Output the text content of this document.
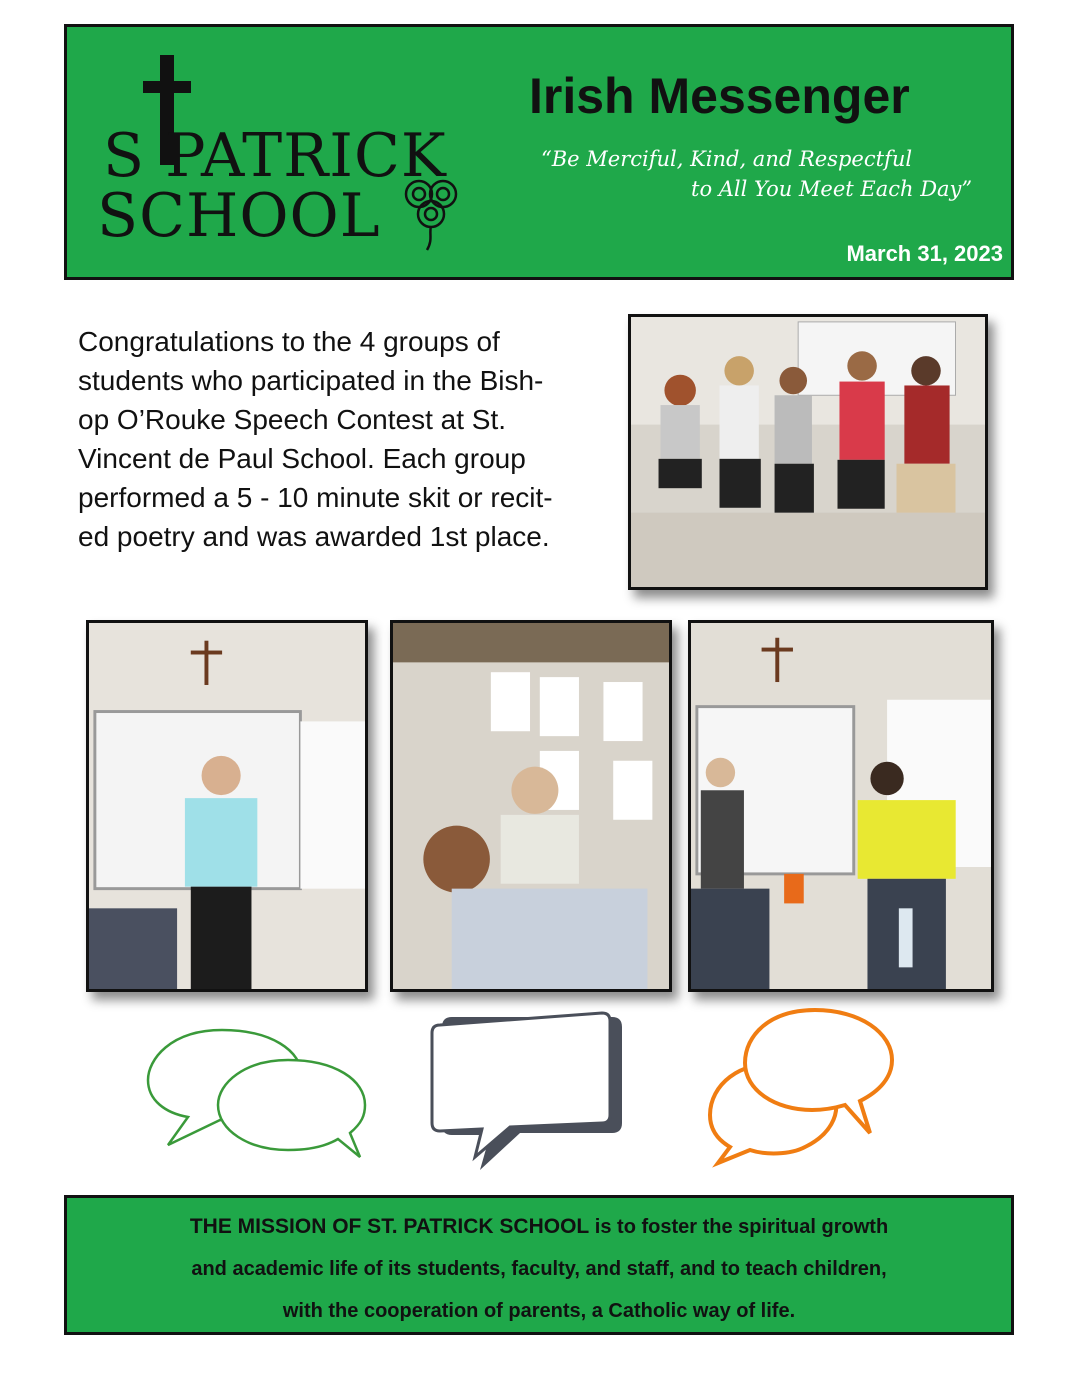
S PATRICK
SCHOOL
Irish Messenger
“Be Merciful, Kind, and Respectful
to All You Meet Each Day”
March 31, 2023
Congratulations to the 4 groups of
students who participated in the Bish-
op O’Rouke Speech Contest at St.
Vincent de Paul School. Each group
performed a 5 - 10 minute skit or recit-
ed poetry and was awarded 1st place.
THE MISSION OF ST. PATRICK SCHOOL is to foster the spiritual growth
and academic life of its students, faculty, and staff, and to teach children,
with the cooperation of parents, a Catholic way of life.
